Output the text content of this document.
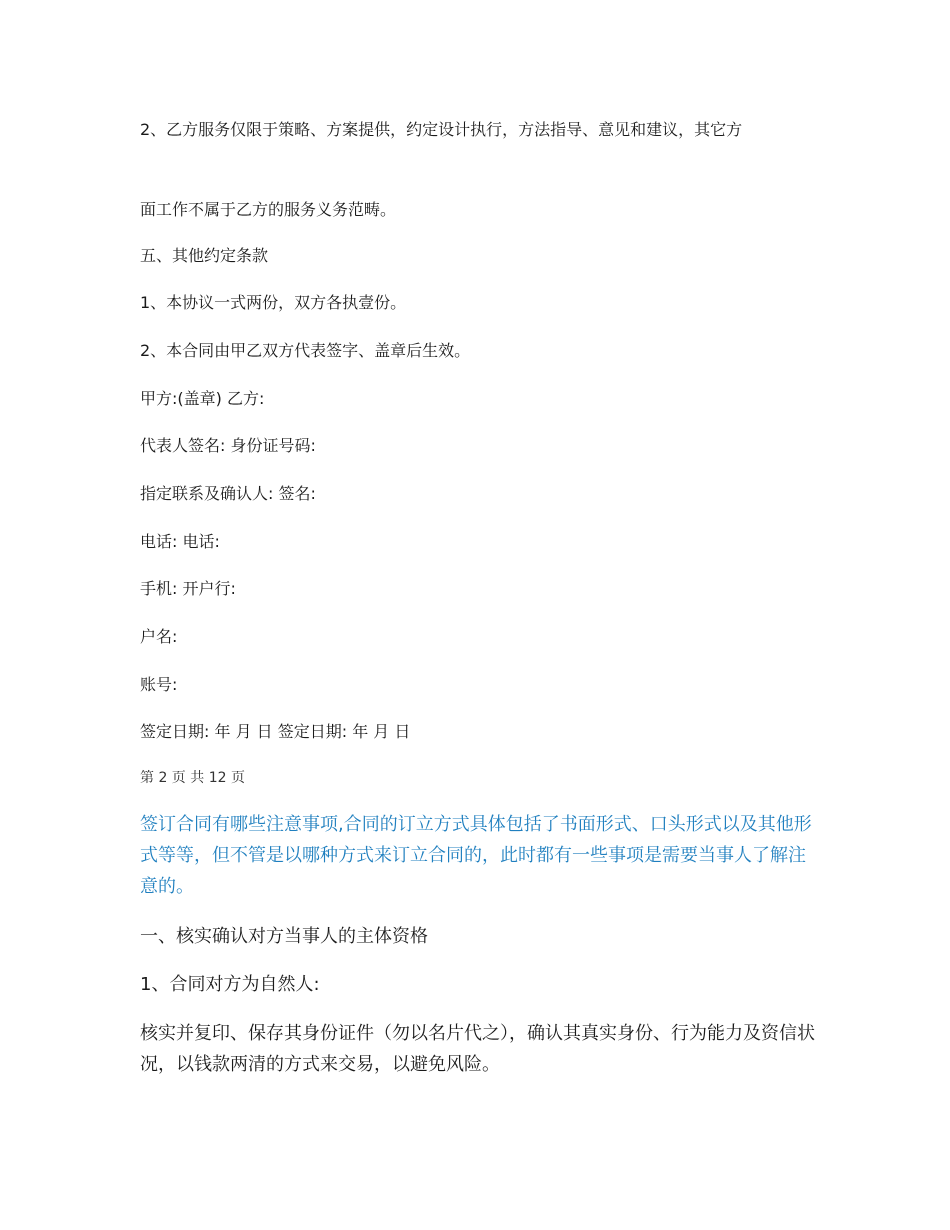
2、乙方服务仅限于策略、方案提供，约定设计执行，方法指导、意见和建议，其它方

面工作不属于乙方的服务义务范畴。

五、其他约定条款

1、本协议一式两份，双方各执壹份。

2、本合同由甲乙双方代表签字、盖章后生效。

甲方:(盖章) 乙方:

代表人签名: 身份证号码:

指定联系及确认人: 签名:

电话: 电话:

手机: 开户行:

户名:

账号:

签定日期: 年 月 日 签定日期: 年 月 日

第 2 页 共 12 页

签订合同有哪些注意事项,合同的订立方式具体包括了书面形式、口头形式以及其他形式等等，但不管是以哪种方式来订立合同的，此时都有一些事项是需要当事人了解注意的。

一、核实确认对方当事人的主体资格

1、合同对方为自然人:

核实并复印、保存其身份证件（勿以名片代之），确认其真实身份、行为能力及资信状况，以钱款两清的方式来交易，以避免风险。
